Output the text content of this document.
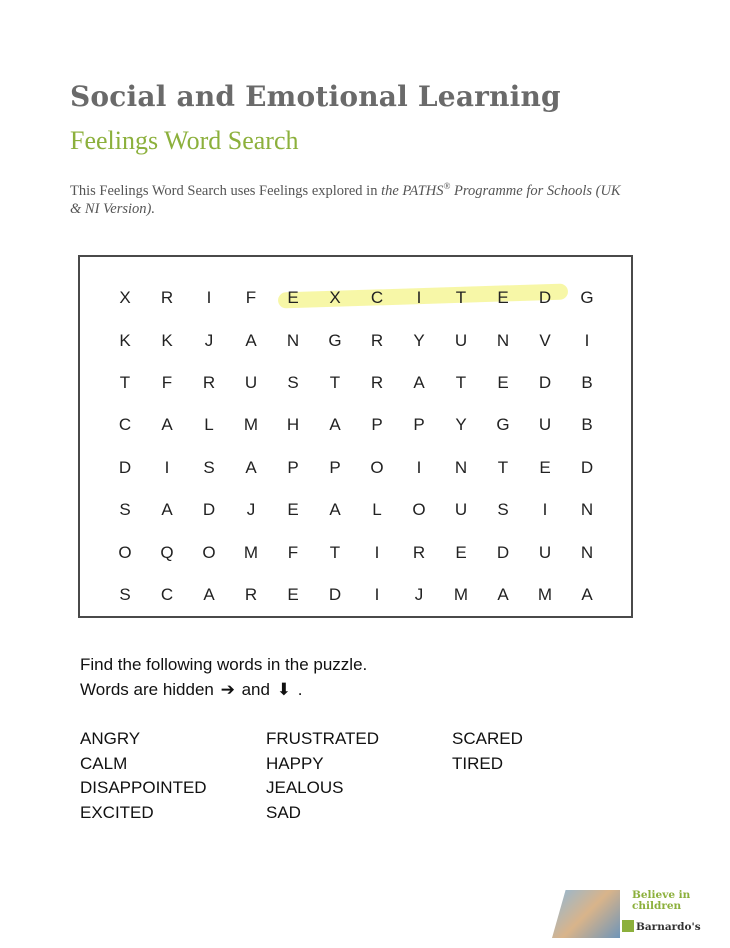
Social and Emotional Learning
Feelings Word Search
This Feelings Word Search uses Feelings explored in the PATHS® Programme for Schools (UK & NI Version).
X	R	I	F	E	X	C	I	T	E	D	G
K	K	J	A	N	G	R	Y	U	N	V	I
T	F	R	U	S	T	R	A	T	E	D	B
C	A	L	M	H	A	P	P	Y	G	U	B
D	I	S	A	P	P	O	I	N	T	E	D
S	A	D	J	E	A	L	O	U	S	I	N
O	Q	O	M	F	T	I	R	E	D	U	N
S	C	A	R	E	D	I	J	M	A	M	A
Find the following words in the puzzle.
Words are hidden ➔ and ⬇ .
ANGRY
CALM
DISAPPOINTED
EXCITED
FRUSTRATED
HAPPY
JEALOUS
SAD
SCARED
TIRED
Believe in
children
Barnardo's
